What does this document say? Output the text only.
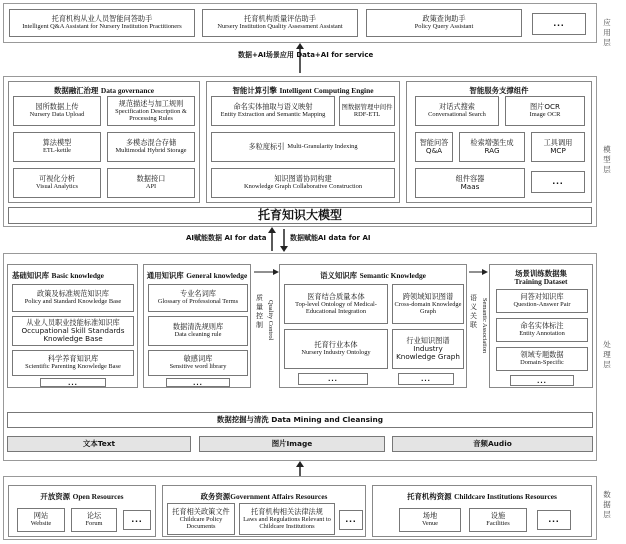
应用层
模型层
处理层
数据层
托育机构从业人员智能问答助手
Intelligent Q&A Assistant for Nursery Institution Practitioners
托育机构质量评估助手
Nursery Institution Quality Assessment Assistant
政策查询助手
Policy Query Assistant	...
数据+AI场景应用 Data+AI for service
数据融汇治理 Data governance
园所数据上传
Nursery Data Upload
规范描述与加工规则
Specification Description & Processing Rules
算法模型
ETL-kettle
多模态混合存储
Multimodal Hybrid Storage
可视化分析
Visual Analytics
数据接口
API
智能计算引擎 Intelligent Computing Engine
命名实体抽取与语义映射
Entity Extraction and Semantic Mapping
图数据管理中间件
RDF-ETL
多粒度标引 Multi-Granularity Indexing
知识图谱协同构建
Knowledge Graph Collaborative Construction
智能服务支撑组件
对话式搜索
Conversational Search
图片OCR
Image OCR
智能问答
Q&A
检索增强生成
RAG
工具调用
MCP
组件容器
Maas	...
托育知识大模型
AI赋能数据 AI for data	数据赋能AI data for AI
基础知识库 Basic knowledge
政策及标准规范知识库
Policy and Standard Knowledge Base
从业人员职业技能标准知识库
Occupational Skill Standards Knowledge Base
科学养育知识库
Scientific Parenting Knowledge Base
...
通用知识库 General knowledge
专业名词库
Glossary of Professional Terms
数据清洗规则库
Data cleaning rule
敏感词库
Sensitive word library
...
质量控制 Quality Control
语义知识库 Semantic Knowledge
医育结合质量本体
Top-level Ontology of Medical-Educational Integration
跨领域知识图谱
Cross-domain Knowledge Graph
托育行业本体
Nursery Industry Ontology
行业知识图谱
Industry Knowledge Graph
...	...
语义关联 Semantic Association
场景训练数据集
Training Dataset
问答对知识库
Question-Answer Pair
命名实体标注
Entity Annotation
领域专题数据
Domain-Specific
...
数据挖掘与清洗 Data Mining and Cleansing
文本Text	图片Image	音频Audio
开放资源 Open Resources
网站
Website
论坛
Forum	...
政务资源Government Affairs Resources
托育相关政策文件
Childcare Policy Documents
托育机构相关法律法规
Laws and Regulations Relevant to Childcare Institutions
...
托育机构资源 Childcare Institutions Resources
场地
Venue
设施
Facilities	...
